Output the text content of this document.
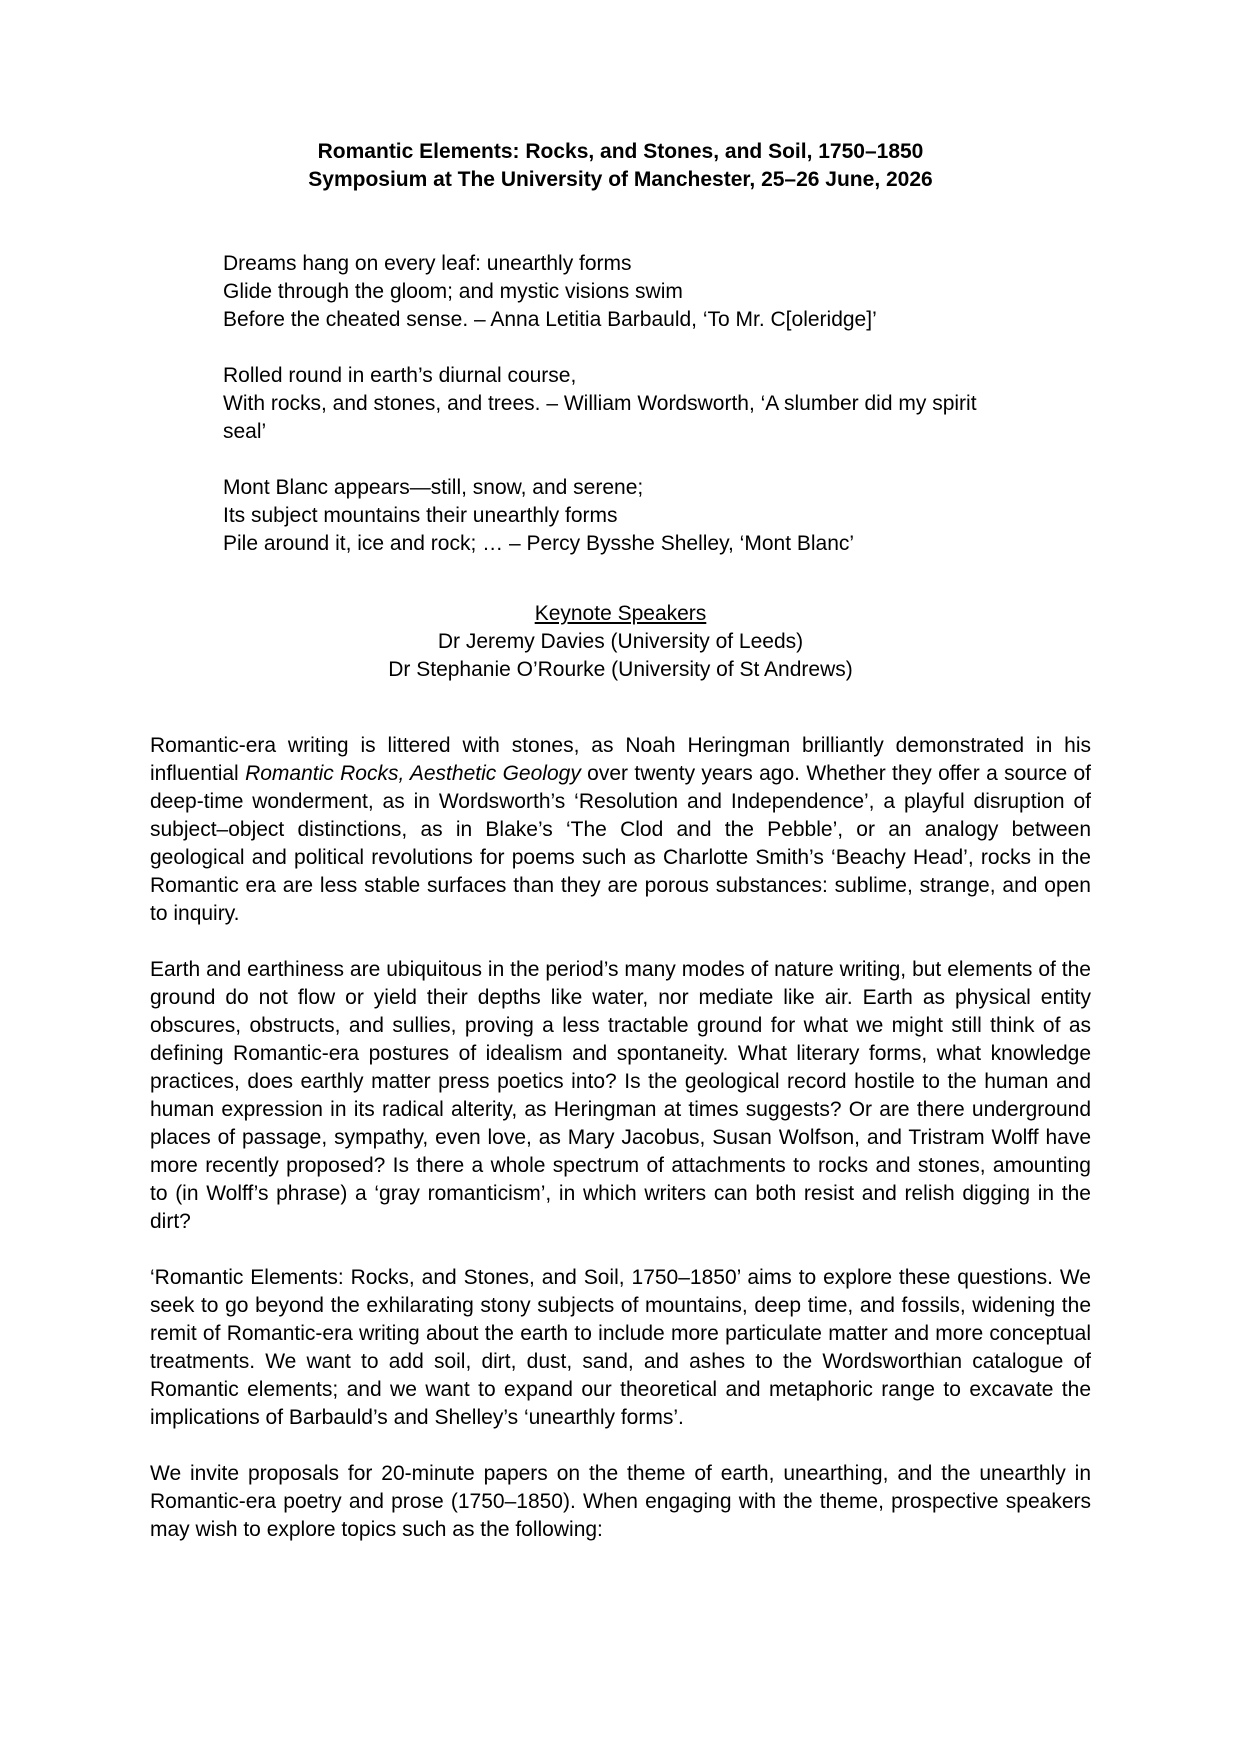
Romantic Elements: Rocks, and Stones, and Soil, 1750–1850
Symposium at The University of Manchester, 25–26 June, 2026
Dreams hang on every leaf: unearthly forms
Glide through the gloom; and mystic visions swim
Before the cheated sense. – Anna Letitia Barbauld, ‘To Mr. C[oleridge]’
Rolled round in earth’s diurnal course,
With rocks, and stones, and trees. – William Wordsworth, ‘A slumber did my spirit
seal’
Mont Blanc appears—still, snow, and serene;
Its subject mountains their unearthly forms
Pile around it, ice and rock; … – Percy Bysshe Shelley, ‘Mont Blanc’
Keynote Speakers
Dr Jeremy Davies (University of Leeds)
Dr Stephanie O’Rourke (University of St Andrews)

Romantic-era writing is littered with stones, as Noah Heringman brilliantly demonstrated in his influential Romantic Rocks, Aesthetic Geology over twenty years ago. Whether they offer a source of deep-time wonderment, as in Wordsworth’s ‘Resolution and Independence’, a playful disruption of subject–object distinctions, as in Blake’s ‘The Clod and the Pebble’, or an analogy between geological and political revolutions for poems such as Charlotte Smith’s ‘Beachy Head’, rocks in the Romantic era are less stable surfaces than they are porous substances: sublime, strange, and open to inquiry.

Earth and earthiness are ubiquitous in the period’s many modes of nature writing, but elements of the ground do not flow or yield their depths like water, nor mediate like air. Earth as physical entity obscures, obstructs, and sullies, proving a less tractable ground for what we might still think of as defining Romantic-era postures of idealism and spontaneity. What literary forms, what knowledge practices, does earthly matter press poetics into? Is the geological record hostile to the human and human expression in its radical alterity, as Heringman at times suggests? Or are there underground places of passage, sympathy, even love, as Mary Jacobus, Susan Wolfson, and Tristram Wolff have more recently proposed? Is there a whole spectrum of attachments to rocks and stones, amounting to (in Wolff’s phrase) a ‘gray romanticism’, in which writers can both resist and relish digging in the dirt?

‘Romantic Elements: Rocks, and Stones, and Soil, 1750–1850’ aims to explore these questions. We seek to go beyond the exhilarating stony subjects of mountains, deep time, and fossils, widening the remit of Romantic-era writing about the earth to include more particulate matter and more conceptual treatments. We want to add soil, dirt, dust, sand, and ashes to the Wordsworthian catalogue of Romantic elements; and we want to expand our theoretical and metaphoric range to excavate the implications of Barbauld’s and Shelley’s ‘unearthly forms’.

We invite proposals for 20-minute papers on the theme of earth, unearthing, and the unearthly in Romantic-era poetry and prose (1750–1850). When engaging with the theme, prospective speakers may wish to explore topics such as the following:
